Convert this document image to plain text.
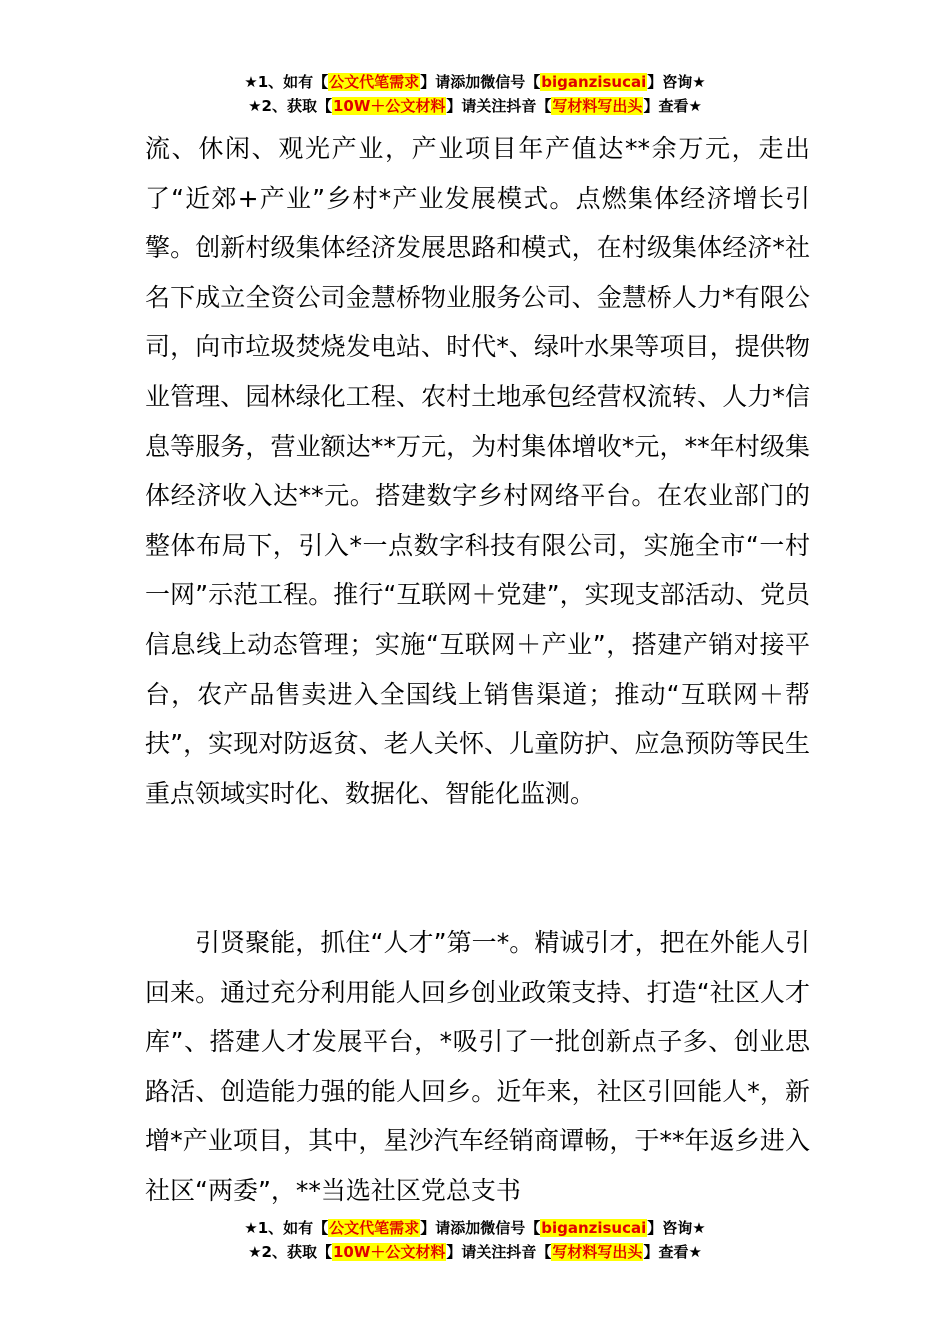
★1、如有【公文代笔需求】请添加微信号【biganzisucai】咨询★
★2、获取【10W＋公文材料】请关注抖音【写材料写出头】查看★

流、休闲、观光产业，产业项目年产值达**余万元，走出了“近郊+产业”乡村*产业发展模式。点燃集体经济增长引擎。创新村级集体经济发展思路和模式，在村级集体经济*社名下成立全资公司金慧桥物业服务公司、金慧桥人力*有限公司，向市垃圾焚烧发电站、时代*、绿叶水果等项目，提供物业管理、园林绿化工程、农村土地承包经营权流转、人力*信息等服务，营业额达**万元，为村集体增收*元，**年村级集体经济收入达**元。搭建数字乡村网络平台。在农业部门的整体布局下，引入*一点数字科技有限公司，实施全市“一村一网”示范工程。推行“互联网＋党建”，实现支部活动、党员信息线上动态管理；实施“互联网＋产业”，搭建产销对接平台，农产品售卖进入全国线上销售渠道；推动“互联网＋帮扶”，实现对防返贫、老人关怀、儿童防护、应急预防等民生重点领域实时化、数据化、智能化监测。

引贤聚能，抓住“人才”第一*。精诚引才，把在外能人引回来。通过充分利用能人回乡创业政策支持、打造“社区人才库”、搭建人才发展平台，*吸引了一批创新点子多、创业思路活、创造能力强的能人回乡。近年来，社区引回能人*，新增*产业项目，其中，星沙汽车经销商谭畅，于**年返乡进入社区“两委”，**当选社区党总支书

★1、如有【公文代笔需求】请添加微信号【biganzisucai】咨询★
★2、获取【10W＋公文材料】请关注抖音【写材料写出头】查看★
